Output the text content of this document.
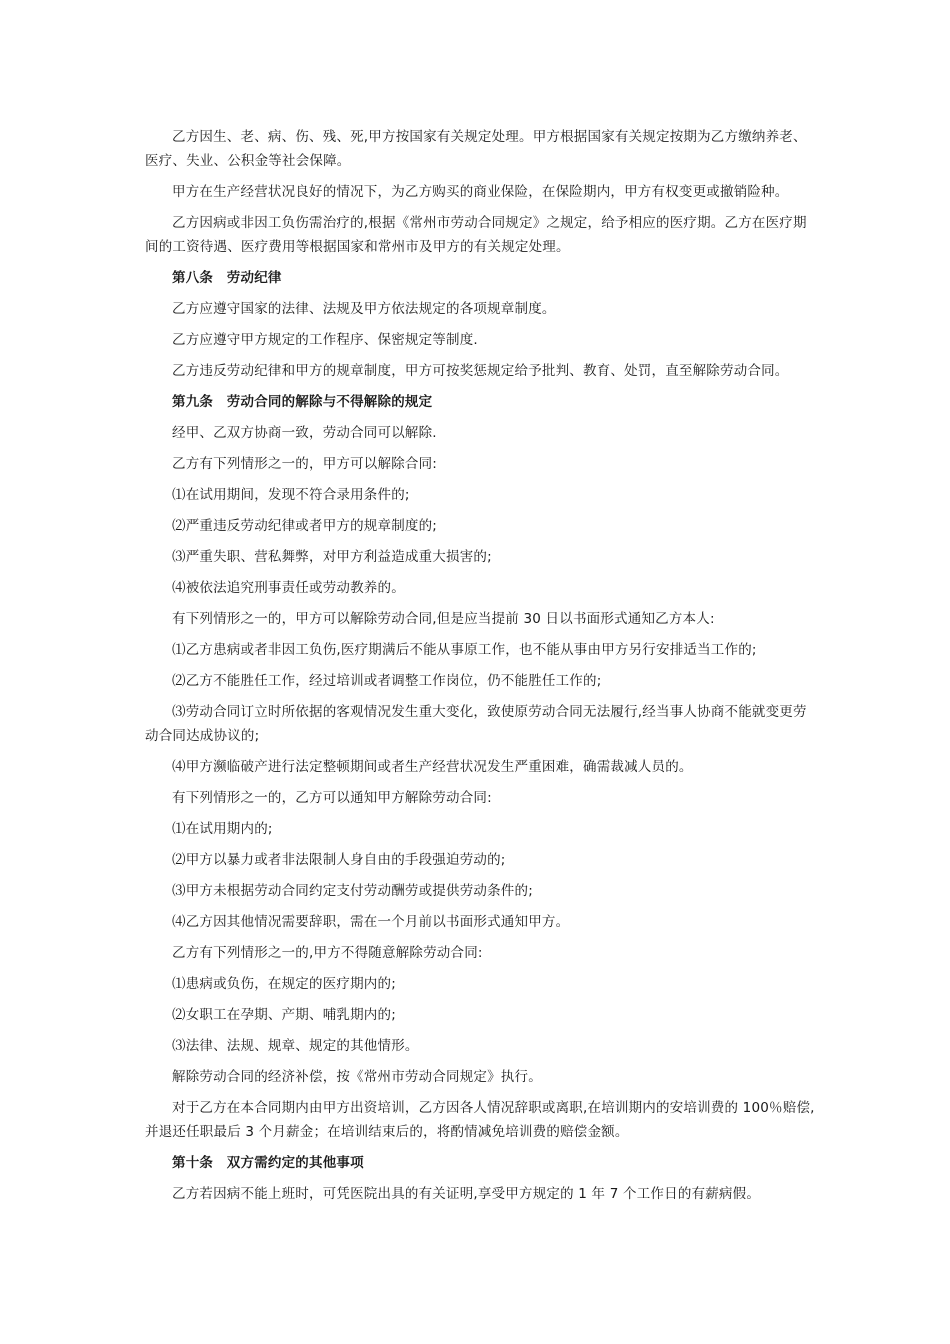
乙方因生、老、病、伤、残、死,甲方按国家有关规定处理。甲方根据国家有关规定按期为乙方缴纳养老、医疗、失业、公积金等社会保障。

甲方在生产经营状况良好的情况下，为乙方购买的商业保险，在保险期内，甲方有权变更或撤销险种。

乙方因病或非因工负伤需治疗的,根据《常州市劳动合同规定》之规定，给予相应的医疗期。乙方在医疗期间的工资待遇、医疗费用等根据国家和常州市及甲方的有关规定处理。

第八条　劳动纪律

乙方应遵守国家的法律、法规及甲方依法规定的各项规章制度。

乙方应遵守甲方规定的工作程序、保密规定等制度.

乙方违反劳动纪律和甲方的规章制度，甲方可按奖惩规定给予批判、教育、处罚，直至解除劳动合同。

第九条　劳动合同的解除与不得解除的规定

经甲、乙双方协商一致，劳动合同可以解除.

乙方有下列情形之一的，甲方可以解除合同:

⑴在试用期间，发现不符合录用条件的;

⑵严重违反劳动纪律或者甲方的规章制度的;

⑶严重失职、营私舞弊，对甲方利益造成重大损害的;

⑷被依法追究刑事责任或劳动教养的。

有下列情形之一的，甲方可以解除劳动合同,但是应当提前 30 日以书面形式通知乙方本人:

⑴乙方患病或者非因工负伤,医疗期满后不能从事原工作，也不能从事由甲方另行安排适当工作的;

⑵乙方不能胜任工作，经过培训或者调整工作岗位，仍不能胜任工作的;

⑶劳动合同订立时所依据的客观情况发生重大变化，致使原劳动合同无法履行,经当事人协商不能就变更劳动合同达成协议的;

⑷甲方濒临破产进行法定整顿期间或者生产经营状况发生严重困难，确需裁减人员的。

有下列情形之一的，乙方可以通知甲方解除劳动合同:

⑴在试用期内的;

⑵甲方以暴力或者非法限制人身自由的手段强迫劳动的;

⑶甲方未根据劳动合同约定支付劳动酬劳或提供劳动条件的;

⑷乙方因其他情况需要辞职，需在一个月前以书面形式通知甲方。

乙方有下列情形之一的,甲方不得随意解除劳动合同:

⑴患病或负伤，在规定的医疗期内的;

⑵女职工在孕期、产期、哺乳期内的;

⑶法律、法规、规章、规定的其他情形。

解除劳动合同的经济补偿，按《常州市劳动合同规定》执行。

对于乙方在本合同期内由甲方出资培训，乙方因各人情况辞职或离职,在培训期内的安培训费的 100％赔偿,并退还任职最后 3 个月薪金；在培训结束后的，将酌情减免培训费的赔偿金额。

第十条　双方需约定的其他事项

乙方若因病不能上班时，可凭医院出具的有关证明,享受甲方规定的 1 年 7 个工作日的有薪病假。
